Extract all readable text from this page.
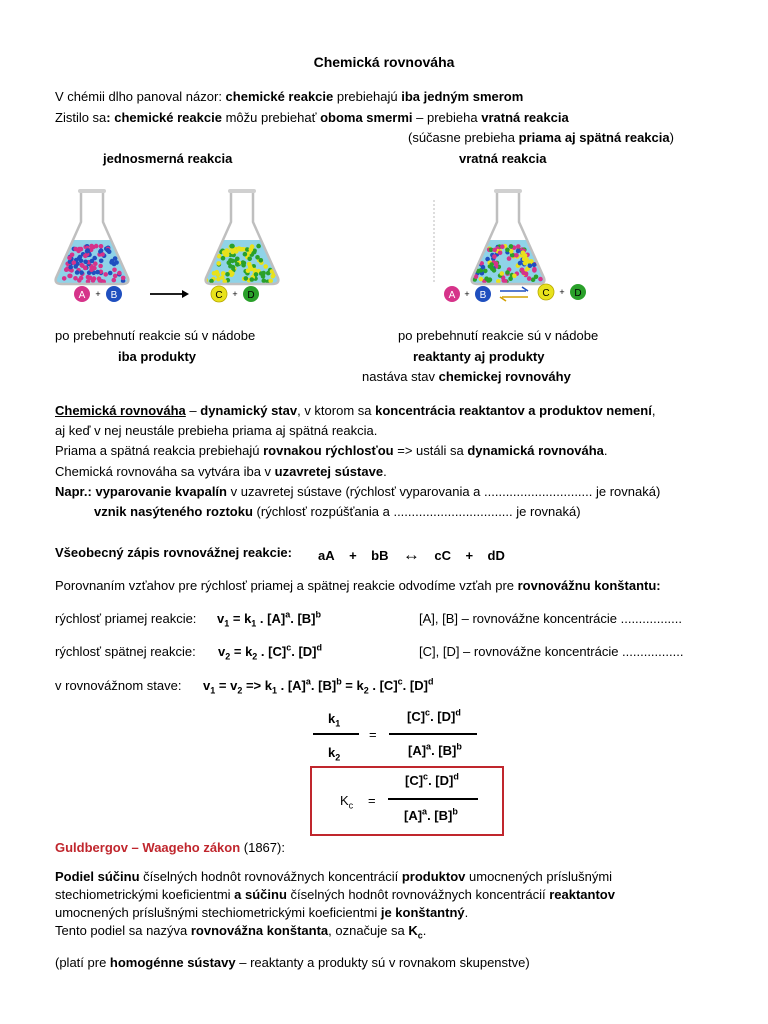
Chemická rovnováha
V chémii dlho panoval názor: chemické reakcie prebiehajú iba jedným smerom
Zistilo sa: chemické reakcie môžu prebiehať oboma smermi – prebieha vratná reakcia
(súčasne prebieha priama aj spätná reakcia)
jednosmerná reakcia	vratná reakcia
A + B	C + D	A + B	C + D
po prebehnutí reakcie sú v nádobe
iba produkty
po prebehnutí reakcie sú v nádobe
reaktanty aj produkty
nastáva stav chemickej rovnováhy
Chemická rovnováha – dynamický stav, v ktorom sa koncentrácia reaktantov a produktov nemení,
aj keď v nej neustále prebieha priama aj spätná reakcia.
Priama a spätná reakcia prebiehajú rovnakou rýchlosťou => ustáli sa dynamická rovnováha.
Chemická rovnováha sa vytvára iba v uzavretej sústave.
Napr.: vyparovanie kvapalín v uzavretej sústave (rýchlosť vyparovania a .............................. je rovnaká)
vznik nasýteného roztoku (rýchlosť rozpúšťania a ................................. je rovnaká)
Všeobecný zápis rovnovážnej reakcie: aA + bB ↔ cC + dD
Porovnaním vzťahov pre rýchlosť priamej a spätnej reakcie odvodíme vzťah pre rovnovážnu konštantu:
rýchlosť priamej reakcie: $v_1 = k_1$ . $[A]^a$. $[B]^b$	[A], [B] – rovnovážne koncentrácie .................
rýchlosť spätnej reakcie: $v_2 = k_2$ . $[C]^c$. $[D]^d$	[C], [D] – rovnovážne koncentrácie .................
v rovnovážnom stave: $v_1 = v_2 => k_1$ . $[A]^a$. $[B]^b = k_2$ . $[C]^c$. $[D]^d$
$k_1$
$k_2$
=
$[C]^c$. $[D]^d$
$[A]^a$. $[B]^b$
$K_c$ =
$[C]^c$. $[D]^d$
$[A]^a$. $[B]^b$
Guldbergov – Waageho zákon (1867):
Podiel súčinu číselných hodnôt rovnovážnych koncentrácií produktov umocnených príslušnými
stechiometrickými koeficientmi a súčinu číselných hodnôt rovnovážnych koncentrácií reaktantov
umocnených príslušnými stechiometrickými koeficientmi je konštantný.
Tento podiel sa nazýva rovnovážna konštanta, označuje sa $K_c$.
(platí pre homogénne sústavy – reaktanty a produkty sú v rovnakom skupenstve)
